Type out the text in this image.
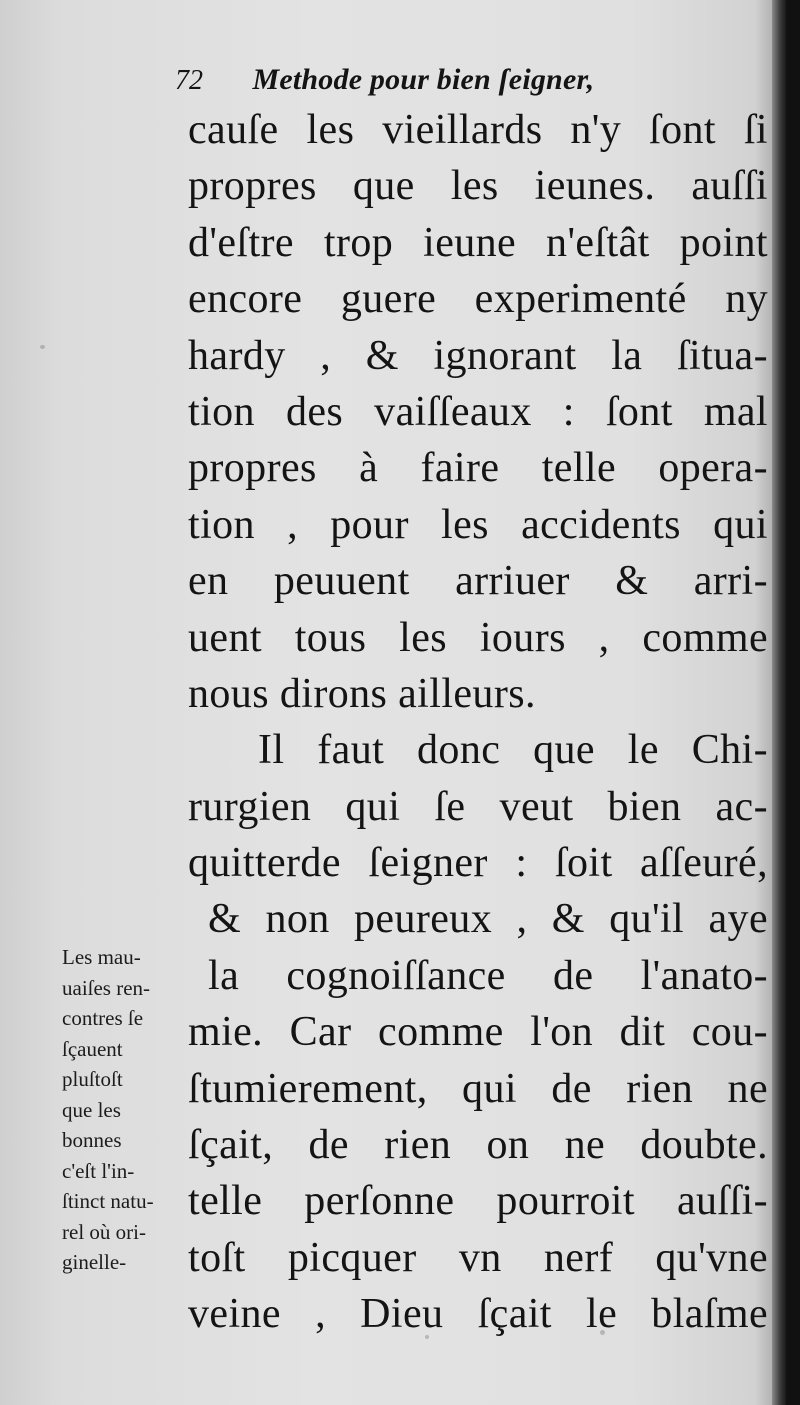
72 Methode pour bien ſeigner,
cauſe les vieillards n'y ſont ſi
propres que les ieunes. auſſi
d'eſtre trop ieune n'eſtât point
encore guere experimenté ny
hardy , & ignorant la ſitua-
tion des vaiſſeaux : ſont mal
propres à faire telle opera-
tion , pour les accidents qui
en peuuent arriuer & arri-
uent tous les iours , comme
nous dirons ailleurs.
Il faut donc que le Chi-
rurgien qui ſe veut bien ac-
quitterde ſeigner : ſoit aſſeuré,
& non peureux , & qu'il aye
la cognoiſſance de l'anato-
mie. Car comme l'on dit cou-
ſtumierement, qui de rien ne
ſçait, de rien on ne doubte.
telle perſonne pourroit auſſi-
toſt picquer vn nerf qu'vne
veine , Dieu ſçait le blaſme
Les mau-
uaiſes ren-
contres ſe
ſçauent
pluſtoſt
que les
bonnes
c'eſt l'in-
ſtinct natu-
rel où ori-
ginelle-
